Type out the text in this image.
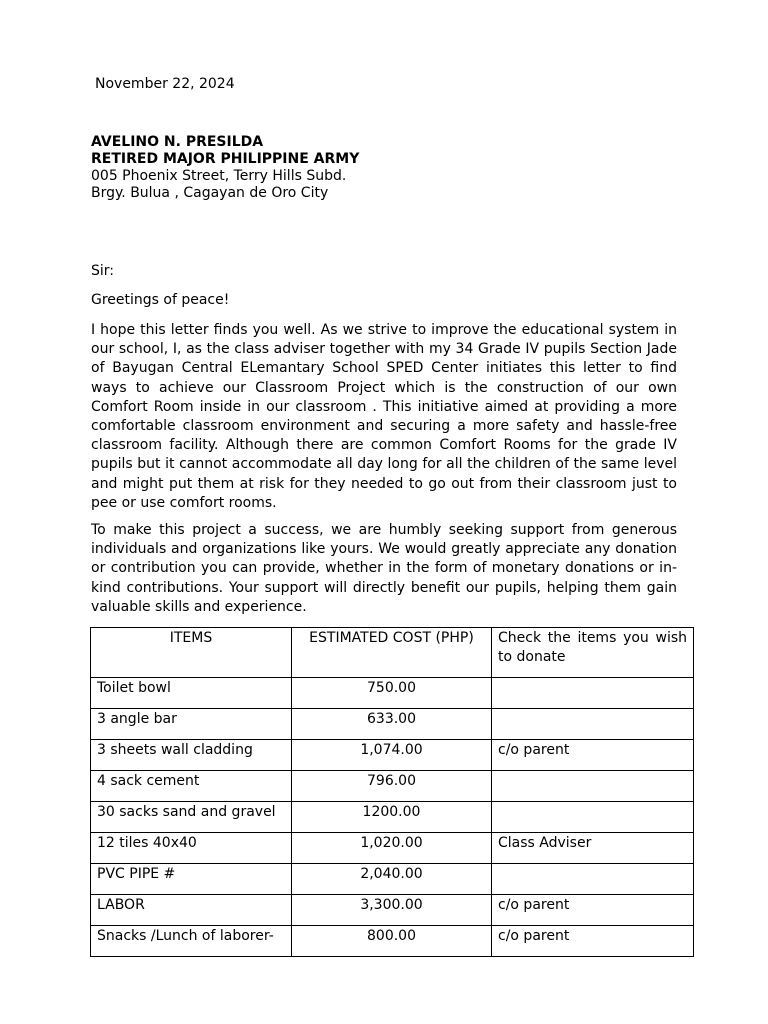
November 22, 2024
AVELINO N. PRESILDA
RETIRED MAJOR PHILIPPINE ARMY
005 Phoenix Street, Terry Hills Subd.
Brgy. Bulua , Cagayan de Oro City
Sir:
Greetings of peace!

I hope this letter finds you well. As we strive to improve the educational system in our school, I, as the class adviser together with my 34 Grade IV pupils Section Jade of Bayugan Central ELemantary School SPED Center initiates this letter to find ways to achieve our Classroom Project which is the construction of our own Comfort Room inside in our classroom . This initiative aimed at providing a more comfortable classroom environment and securing a more safety and hassle-free classroom facility. Although there are common Comfort Rooms for the grade IV pupils but it cannot accommodate all day long for all the children of the same level and might put them at risk for they needed to go out from their classroom just to pee or use comfort rooms.

To make this project a success, we are humbly seeking support from generous individuals and organizations like yours. We would greatly appreciate any donation or contribution you can provide, whether in the form of monetary donations or in-kind contributions. Your support will directly benefit our pupils, helping them gain valuable skills and experience.

ITEMS	ESTIMATED COST (PHP)	Check the items you wish to donate
Toilet bowl	750.00	
3 angle bar	633.00	
3 sheets wall cladding	1,074.00	c/o parent
4 sack cement	796.00	
30 sacks sand and gravel	1200.00	
12 tiles 40x40	1,020.00	Class Adviser
PVC PIPE #	2,040.00	
LABOR	3,300.00	c/o parent
Snacks /Lunch of laborer-	800.00	c/o parent
